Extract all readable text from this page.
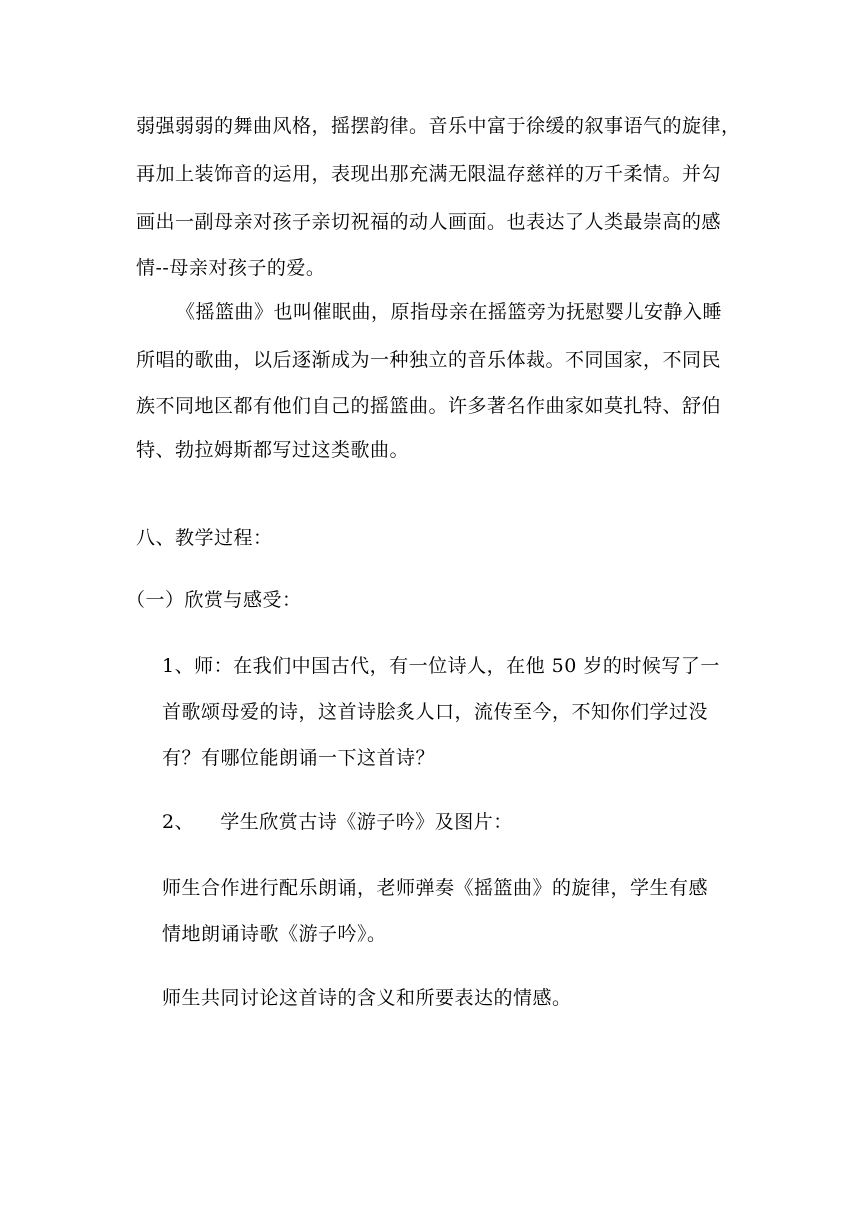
弱强弱弱的舞曲风格，摇摆韵律。音乐中富于徐缓的叙事语气的旋律，
再加上装饰音的运用，表现出那充满无限温存慈祥的万千柔情。并勾
画出一副母亲对孩子亲切祝福的动人画面。也表达了人类最崇高的感
情--母亲对孩子的爱。
《摇篮曲》也叫催眠曲，原指母亲在摇篮旁为抚慰婴儿安静入睡
所唱的歌曲，以后逐渐成为一种独立的音乐体裁。不同国家，不同民
族不同地区都有他们自己的摇篮曲。许多著名作曲家如莫扎特、舒伯
特、勃拉姆斯都写过这类歌曲。
八、教学过程：
（一）欣赏与感受：
1、师：在我们中国古代，有一位诗人，在他 50 岁的时候写了一
首歌颂母爱的诗，这首诗脍炙人口，流传至今，不知你们学过没
有？有哪位能朗诵一下这首诗？
2、    学生欣赏古诗《游子吟》及图片：
师生合作进行配乐朗诵，老师弹奏《摇篮曲》的旋律，学生有感
情地朗诵诗歌《游子吟》。
师生共同讨论这首诗的含义和所要表达的情感。
